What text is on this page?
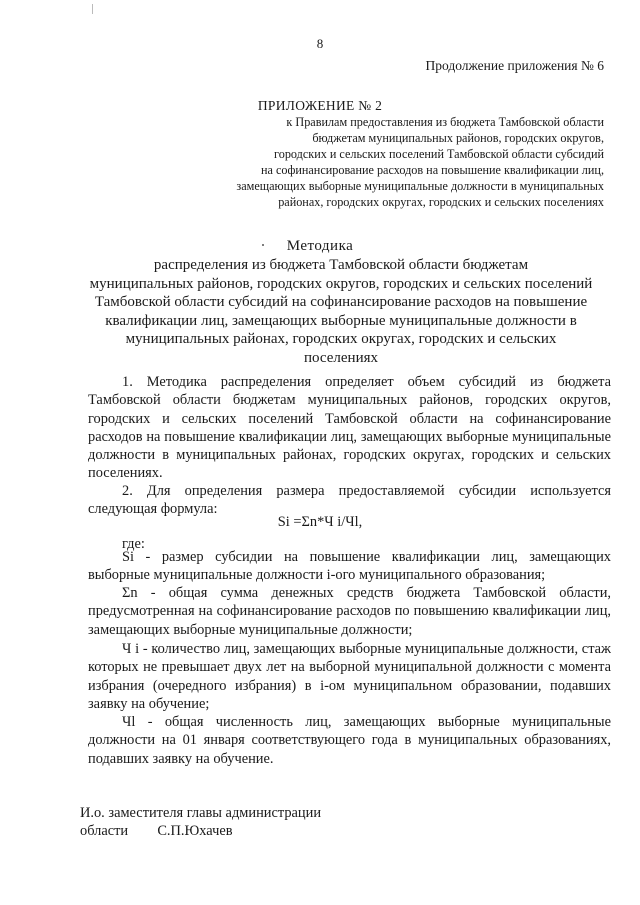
8

Продолжение приложения № 6

ПРИЛОЖЕНИЕ № 2

к Правилам предоставления из бюджета Тамбовской области
бюджетам муниципальных районов, городских округов,
городских и сельских поселений Тамбовской области субсидий
на софинансирование расходов на повышение квалификации лиц,
замещающих выборные муниципальные должности в муниципальных
районах, городских округах, городских и сельских поселениях

Методика

распределения из бюджета Тамбовской области бюджетам
муниципальных районов, городских округов, городских и сельских поселений
Тамбовской области субсидий на софинансирование расходов на повышение
квалификации лиц, замещающих выборные муниципальные должности в
муниципальных районах, городских округах, городских и сельских
поселениях

1. Методика распределения определяет объем субсидий из бюджета Тамбовской области бюджетам муниципальных районов, городских округов, городских и сельских поселений Тамбовской области на софинансирование расходов на повышение квалификации лиц, замещающих выборные муниципальные должности в муниципальных районах, городских округах, городских и сельских поселениях.

2. Для определения размера предоставляемой субсидии используется следующая формула:

Si =Σn*Ч i/Чl,

где:

Si - размер субсидии на повышение квалификации лиц, замещающих выборные муниципальные должности i-ого муниципального образования;

Σn - общая сумма денежных средств бюджета Тамбовской области, предусмотренная на софинансирование расходов по повышению квалификации лиц, замещающих выборные муниципальные должности;

Ч i - количество лиц, замещающих выборные муниципальные должности, стаж которых не превышает двух лет на выборной муниципальной должности с момента избрания (очередного избрания) в i-ом муниципальном образовании, подавших заявку на обучение;

Чl - общая численность лиц, замещающих выборные муниципальные должности на 01 января соответствующего года в муниципальных образованиях, подавших заявку на обучение.

И.о. заместителя главы администрации
области С.П.Юхачев
